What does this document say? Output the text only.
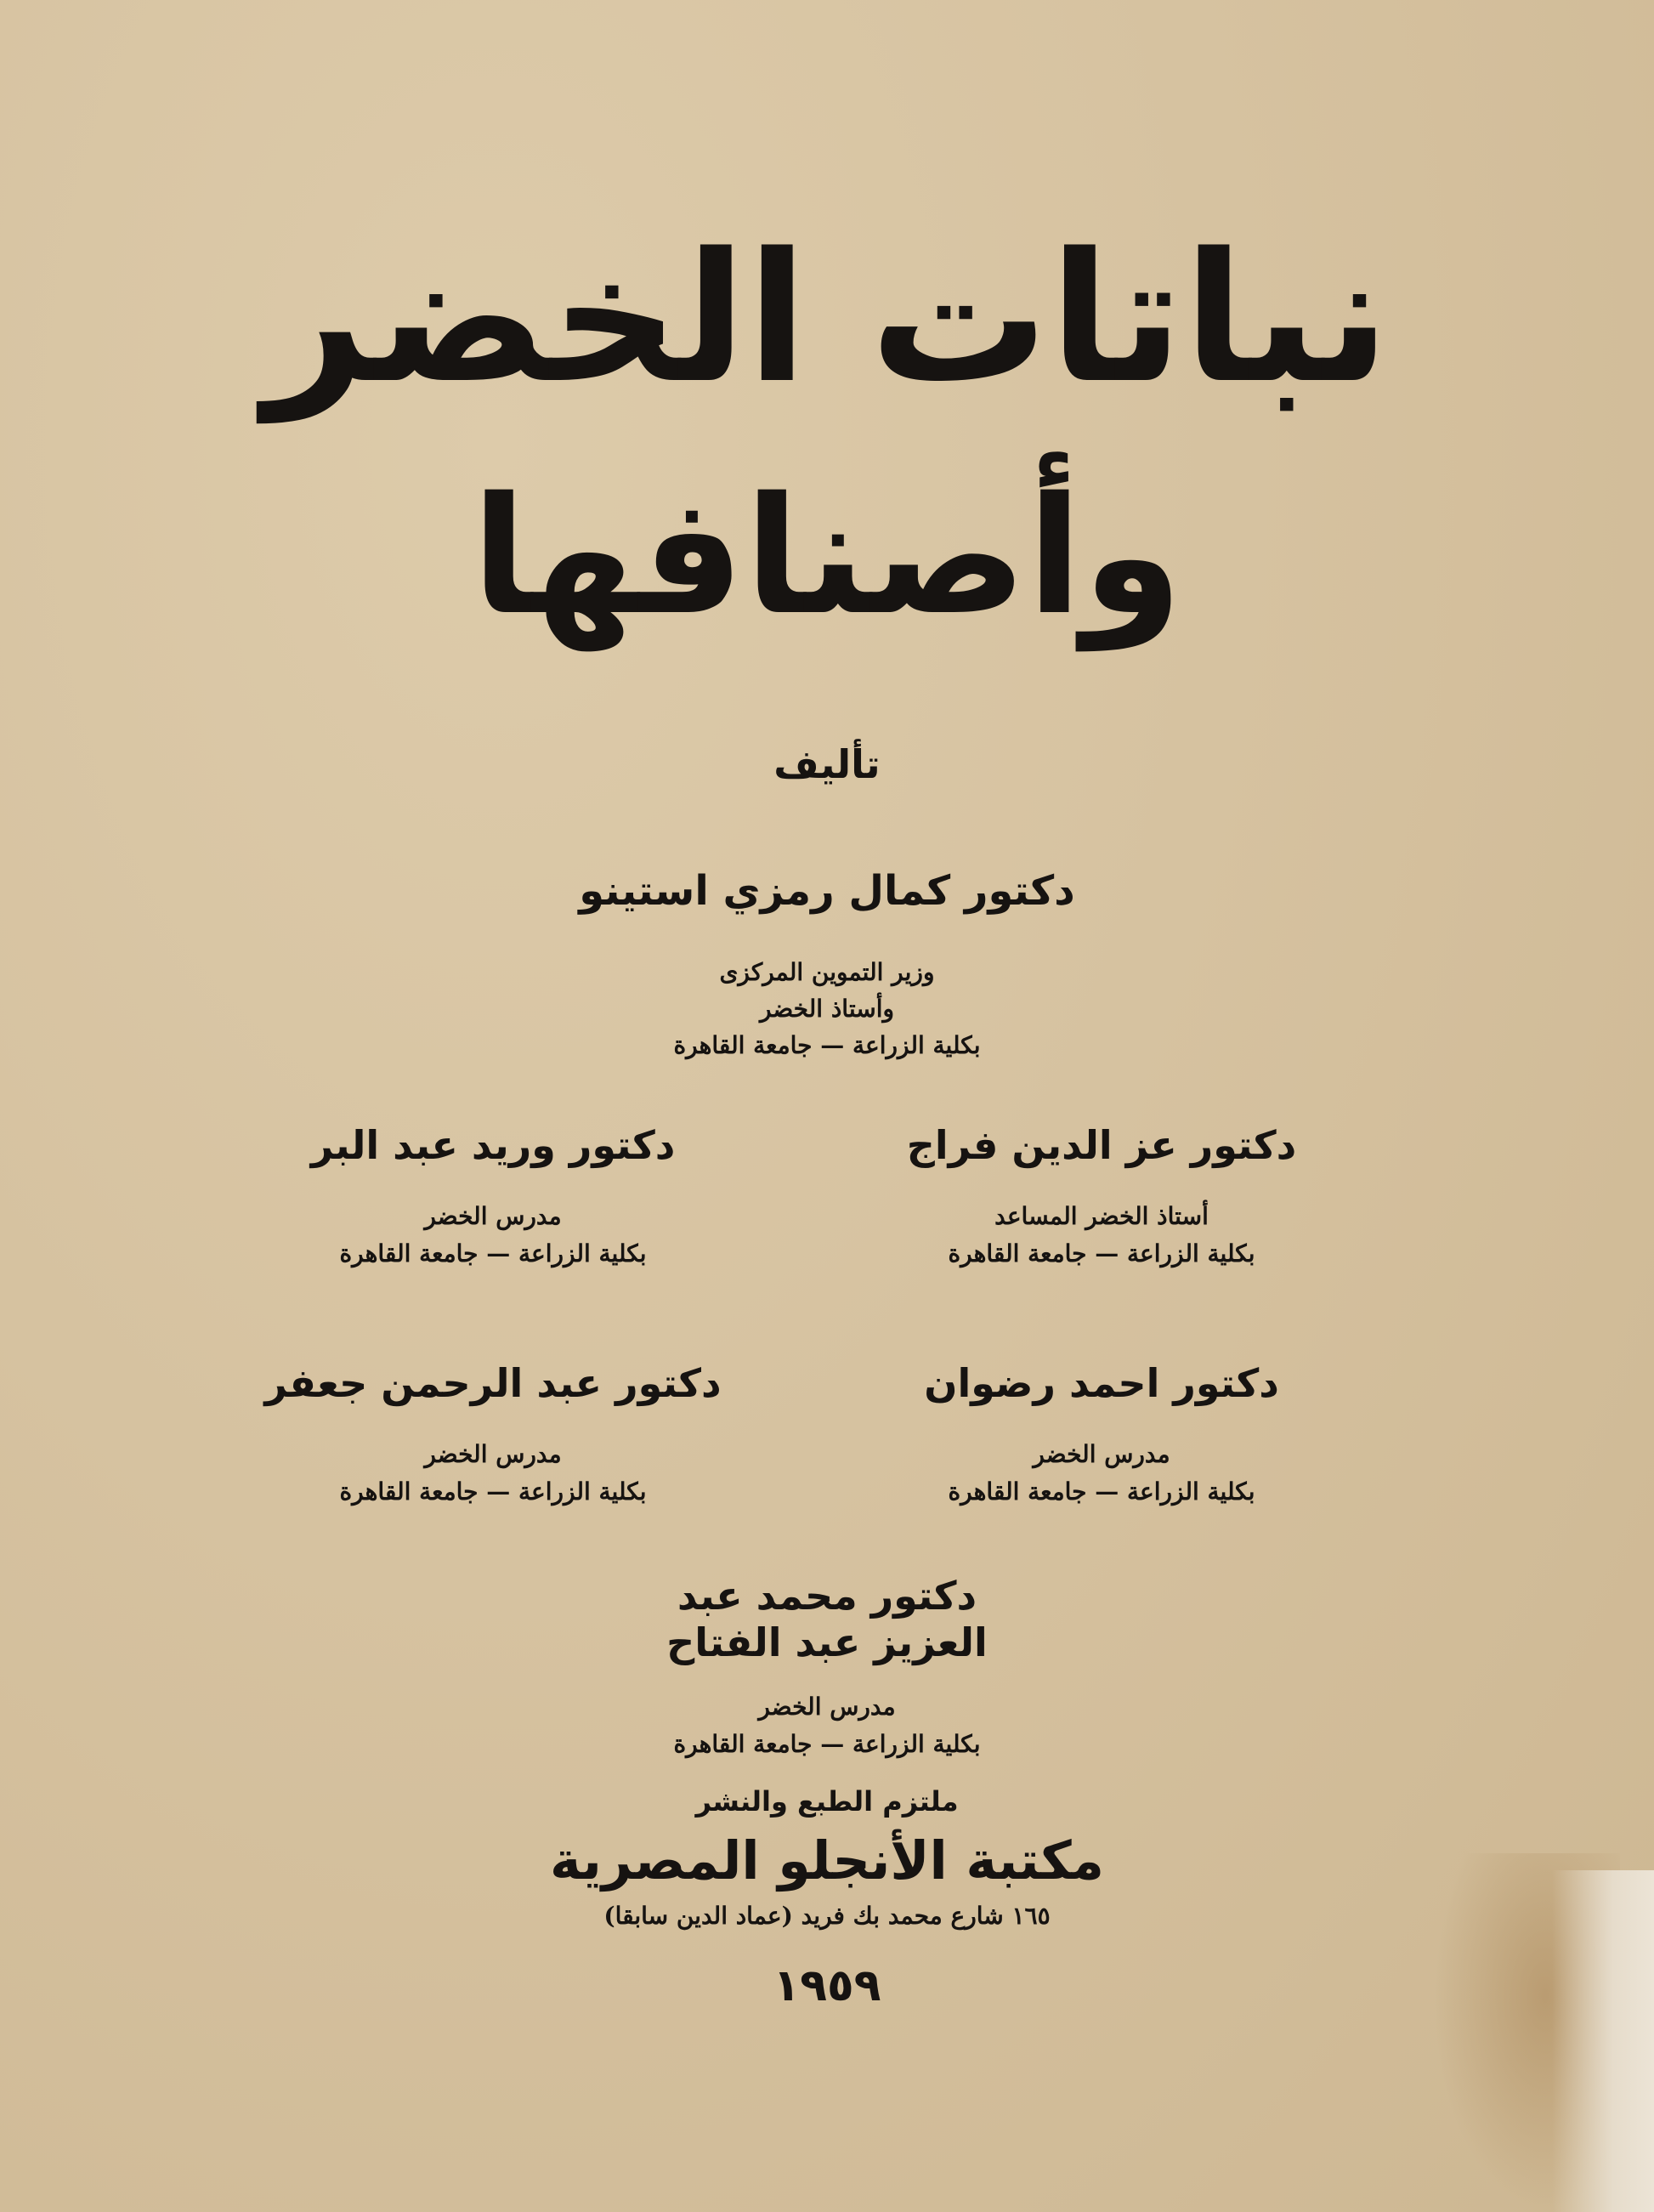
نباتات الخضر
وأصنافها
تأليف
دكتور كمال رمزي استينو
وزير التموين المركزى
وأستاذ الخضر
بكلية الزراعة — جامعة القاهرة
دكتور عز الدين فراج
أستاذ الخضر المساعد
بكلية الزراعة — جامعة القاهرة
دكتور وريد عبد البر
مدرس الخضر
بكلية الزراعة — جامعة القاهرة
دكتور احمد رضوان
مدرس الخضر
بكلية الزراعة — جامعة القاهرة
دكتور عبد الرحمن جعفر
مدرس الخضر
بكلية الزراعة — جامعة القاهرة
دكتور محمد عبد العزيز عبد الفتاح
مدرس الخضر
بكلية الزراعة — جامعة القاهرة
ملتزم الطبع والنشر
مكتبة الأنجلو المصرية
١٦٥ شارع محمد بك فريد (عماد الدين سابقا)
١٩٥٩
